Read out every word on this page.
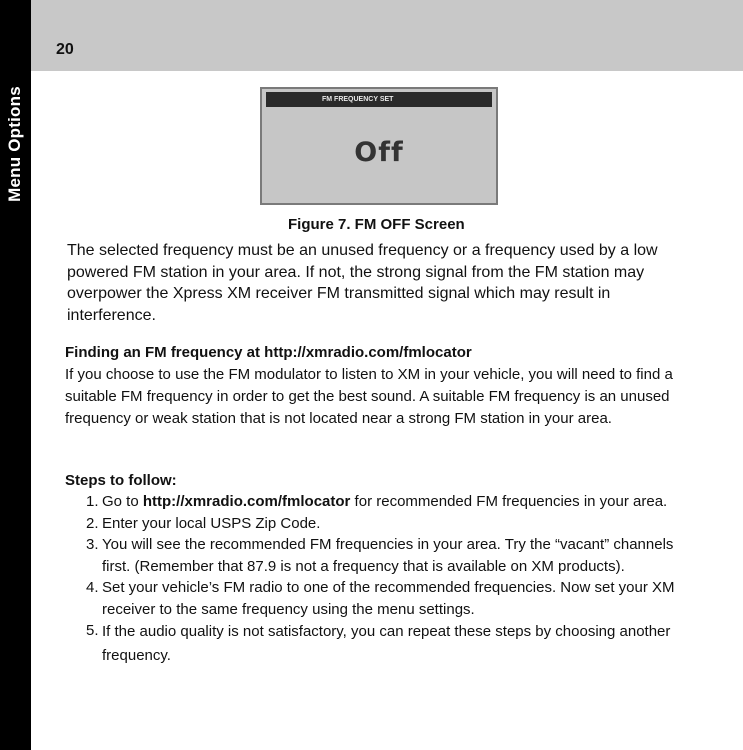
Menu Options
20
FM FREQUENCY SET
Off
Figure 7. FM OFF Screen
The selected frequency must be an unused frequency or a frequency used by a low powered FM station in your area. If not, the strong signal from the FM station may overpower the Xpress XM receiver FM transmitted signal which may result in interference.
Finding an FM frequency at http://xmradio.com/fmlocator
If you choose to use the FM modulator to listen to XM in your vehicle, you will need to find a suitable FM frequency in order to get the best sound. A suitable FM frequency is an unused frequency or weak station that is not located near a strong FM station in your area.
Steps to follow:
1. Go to http://xmradio.com/fmlocator for recommended FM frequencies in your area.
2. Enter your local USPS Zip Code.
3. You will see the recommended FM frequencies in your area. Try the “vacant” channels first. (Remember that 87.9 is not a frequency that is available on XM products).
4. Set your vehicle’s FM radio to one of the recommended frequencies. Now set your XM receiver to the same frequency using the menu settings.
5. If the audio quality is not satisfactory, you can repeat these steps by choosing another frequency.
